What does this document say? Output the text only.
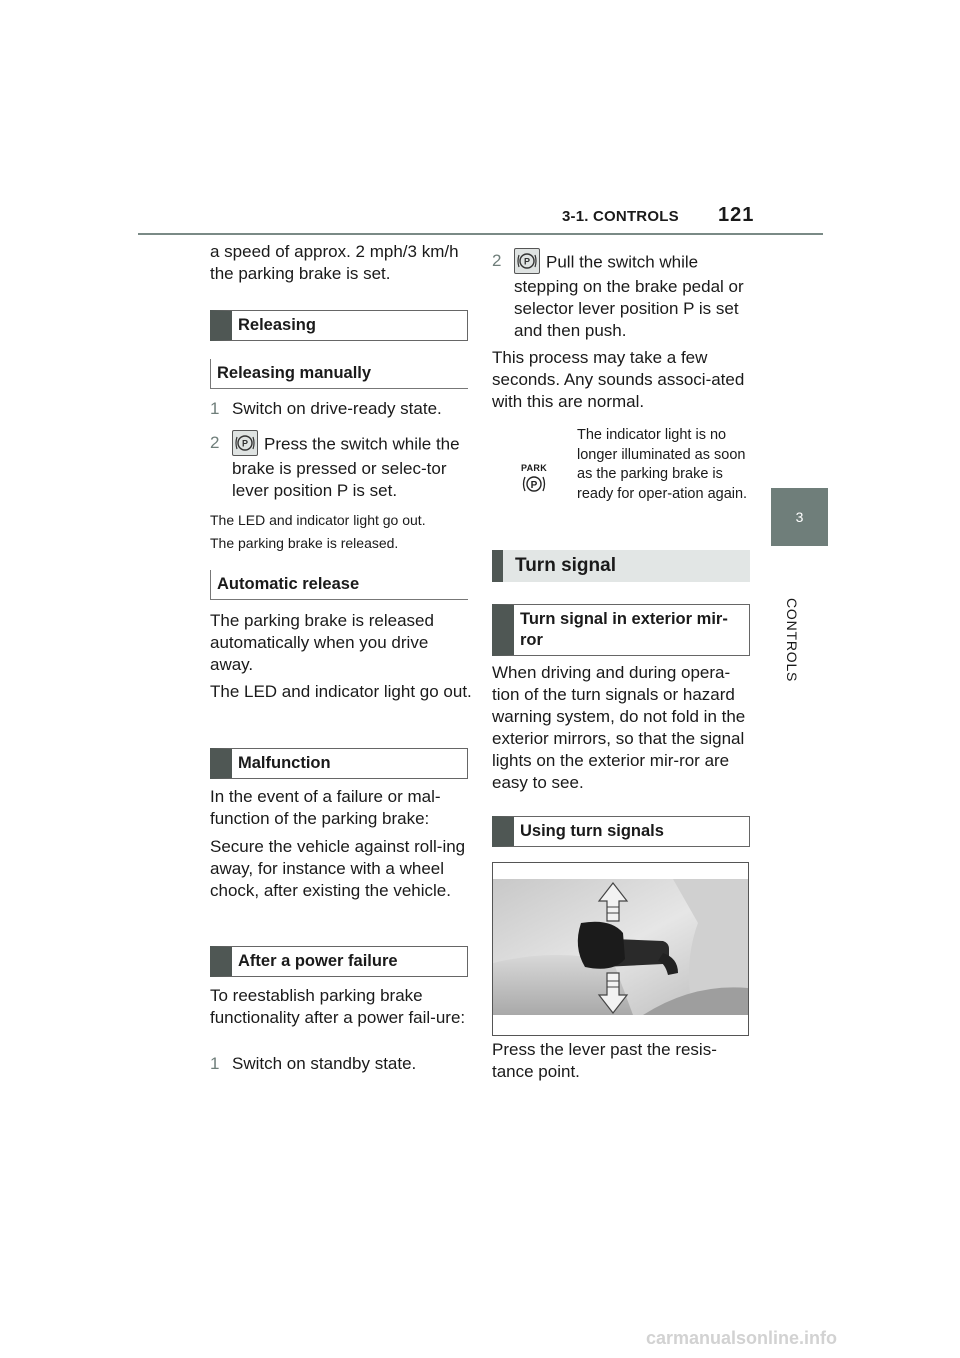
3-1. CONTROLS 121
3
CONTROLS
a speed of approx. 2 mph/3 km/h the parking brake is set.
Releasing
Releasing manually
1 Switch on drive-ready state.
2	P Press the switch while the brake is pressed or selec-tor lever position P is set.
The LED and indicator light go out.
The parking brake is released.
Automatic release
The parking brake is released automatically when you drive away.
The LED and indicator light go out.
Malfunction
In the event of a failure or mal-function of the parking brake:
Secure the vehicle against roll-ing away, for instance with a wheel chock, after existing the vehicle.
After a power failure
To reestablish parking brake functionality after a power fail-ure:
1 Switch on standby state.
2	P Pull the switch while stepping on the brake pedal or selector lever position P is set and then push.
This process may take a few seconds. Any sounds associ-ated with this are normal.
PARK
P
The indicator light is no longer illuminated as soon as the parking brake is ready for oper-ation again.
Turn signal
Turn signal in exterior mir-ror
When driving and during opera-tion of the turn signals or hazard warning system, do not fold in the exterior mirrors, so that the signal lights on the exterior mir-ror are easy to see.
Using turn signals
Press the lever past the resis-tance point.
carmanualsonline.info
